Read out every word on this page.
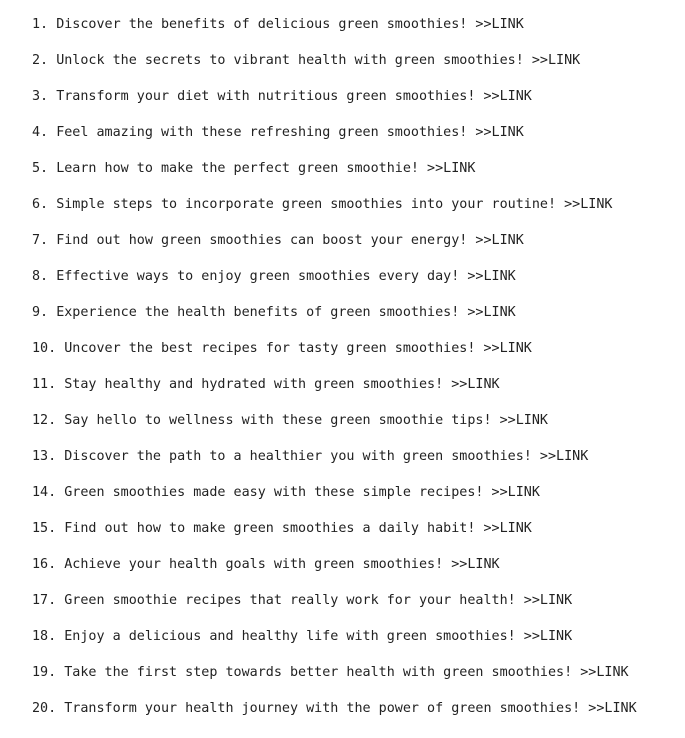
1. Discover the benefits of delicious green smoothies! >>LINK
2. Unlock the secrets to vibrant health with green smoothies! >>LINK
3. Transform your diet with nutritious green smoothies! >>LINK
4. Feel amazing with these refreshing green smoothies! >>LINK
5. Learn how to make the perfect green smoothie! >>LINK
6. Simple steps to incorporate green smoothies into your routine! >>LINK
7. Find out how green smoothies can boost your energy! >>LINK
8. Effective ways to enjoy green smoothies every day! >>LINK
9. Experience the health benefits of green smoothies! >>LINK
10. Uncover the best recipes for tasty green smoothies! >>LINK
11. Stay healthy and hydrated with green smoothies! >>LINK
12. Say hello to wellness with these green smoothie tips! >>LINK
13. Discover the path to a healthier you with green smoothies! >>LINK
14. Green smoothies made easy with these simple recipes! >>LINK
15. Find out how to make green smoothies a daily habit! >>LINK
16. Achieve your health goals with green smoothies! >>LINK
17. Green smoothie recipes that really work for your health! >>LINK
18. Enjoy a delicious and healthy life with green smoothies! >>LINK
19. Take the first step towards better health with green smoothies! >>LINK
20. Transform your health journey with the power of green smoothies! >>LINK
